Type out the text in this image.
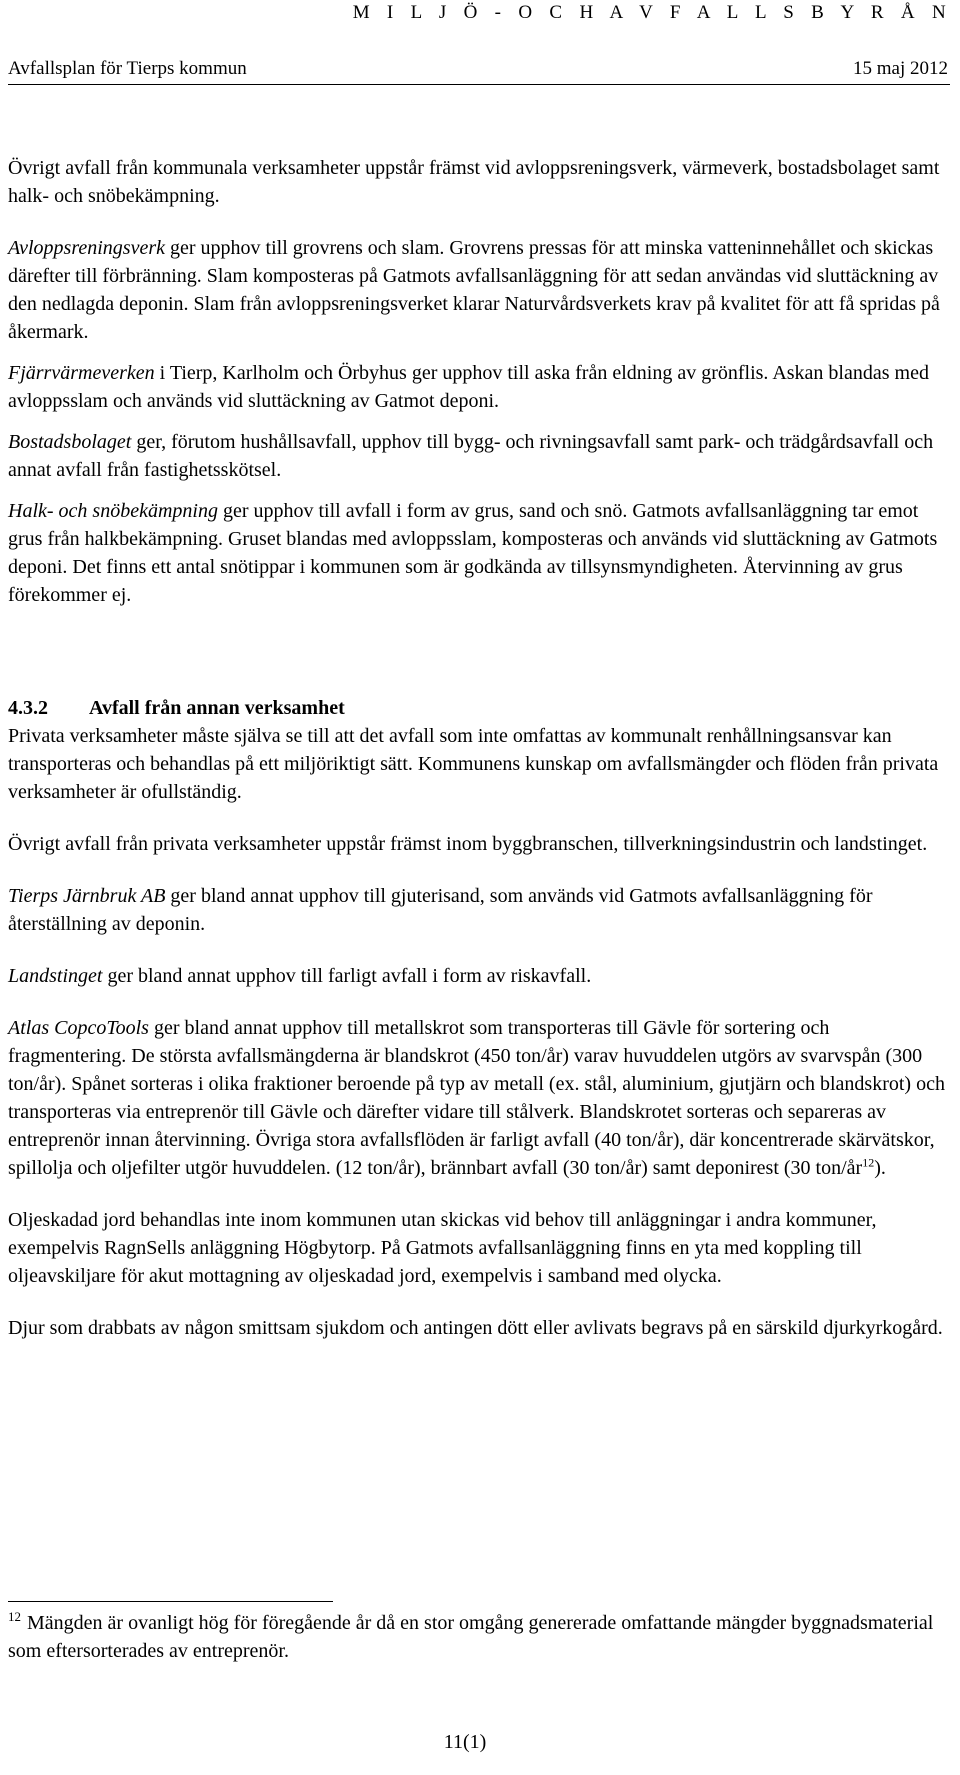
M I L J Ö - O C H A V F A L L S B Y R Å N
Avfallsplan för Tierps kommun	15 maj 2012

Övrigt avfall från kommunala verksamheter uppstår främst vid avloppsreningsverk, värmeverk, bostadsbolaget samt halk- och snöbekämpning.

Avloppsreningsverk ger upphov till grovrens och slam. Grovrens pressas för att minska vatteninnehållet och skickas därefter till förbränning. Slam komposteras på Gatmots avfallsanläggning för att sedan användas vid sluttäckning av den nedlagda deponin. Slam från avloppsreningsverket klarar Naturvårdsverkets krav på kvalitet för att få spridas på åkermark.

Fjärrvärmeverken i Tierp, Karlholm och Örbyhus ger upphov till aska från eldning av grönflis. Askan blandas med avloppsslam och används vid sluttäckning av Gatmot deponi.

Bostadsbolaget ger, förutom hushållsavfall, upphov till bygg- och rivningsavfall samt park- och trädgårdsavfall och annat avfall från fastighetsskötsel.

Halk- och snöbekämpning ger upphov till avfall i form av grus, sand och snö. Gatmots avfallsanläggning tar emot grus från halkbekämpning. Gruset blandas med avloppsslam, komposteras och används vid sluttäckning av Gatmots deponi. Det finns ett antal snötippar i kommunen som är godkända av tillsynsmyndigheten. Återvinning av grus förekommer ej.

4.3.2 Avfall från annan verksamhet

Privata verksamheter måste själva se till att det avfall som inte omfattas av kommunalt renhållningsansvar kan transporteras och behandlas på ett miljöriktigt sätt. Kommunens kunskap om avfallsmängder och flöden från privata verksamheter är ofullständig.

Övrigt avfall från privata verksamheter uppstår främst inom byggbranschen, tillverkningsindustrin och landstinget.

Tierps Järnbruk AB ger bland annat upphov till gjuterisand, som används vid Gatmots avfallsanläggning för återställning av deponin.

Landstinget ger bland annat upphov till farligt avfall i form av riskavfall.

Atlas CopcoTools ger bland annat upphov till metallskrot som transporteras till Gävle för sortering och fragmentering. De största avfallsmängderna är blandskrot (450 ton/år) varav huvuddelen utgörs av svarvspån (300 ton/år). Spånet sorteras i olika fraktioner beroende på typ av metall (ex. stål, aluminium, gjutjärn och blandskrot) och transporteras via entreprenör till Gävle och därefter vidare till stålverk. Blandskrotet sorteras och separeras av entreprenör innan återvinning. Övriga stora avfallsflöden är farligt avfall (40 ton/år), där koncentrerade skärvätskor, spillolja och oljefilter utgör huvuddelen. (12 ton/år), brännbart avfall (30 ton/år) samt deponirest (30 ton/$år^{12}$).

Oljeskadad jord behandlas inte inom kommunen utan skickas vid behov till anläggningar i andra kommuner, exempelvis RagnSells anläggning Högbytorp. På Gatmots avfallsanläggning finns en yta med koppling till oljeavskiljare för akut mottagning av oljeskadad jord, exempelvis i samband med olycka.

Djur som drabbats av någon smittsam sjukdom och antingen dött eller avlivats begravs på en särskild djurkyrkogård.

$^{12}$ Mängden är ovanligt hög för föregående år då en stor omgång genererade omfattande mängder byggnadsmaterial som eftersorterades av entreprenör.
11(1)
